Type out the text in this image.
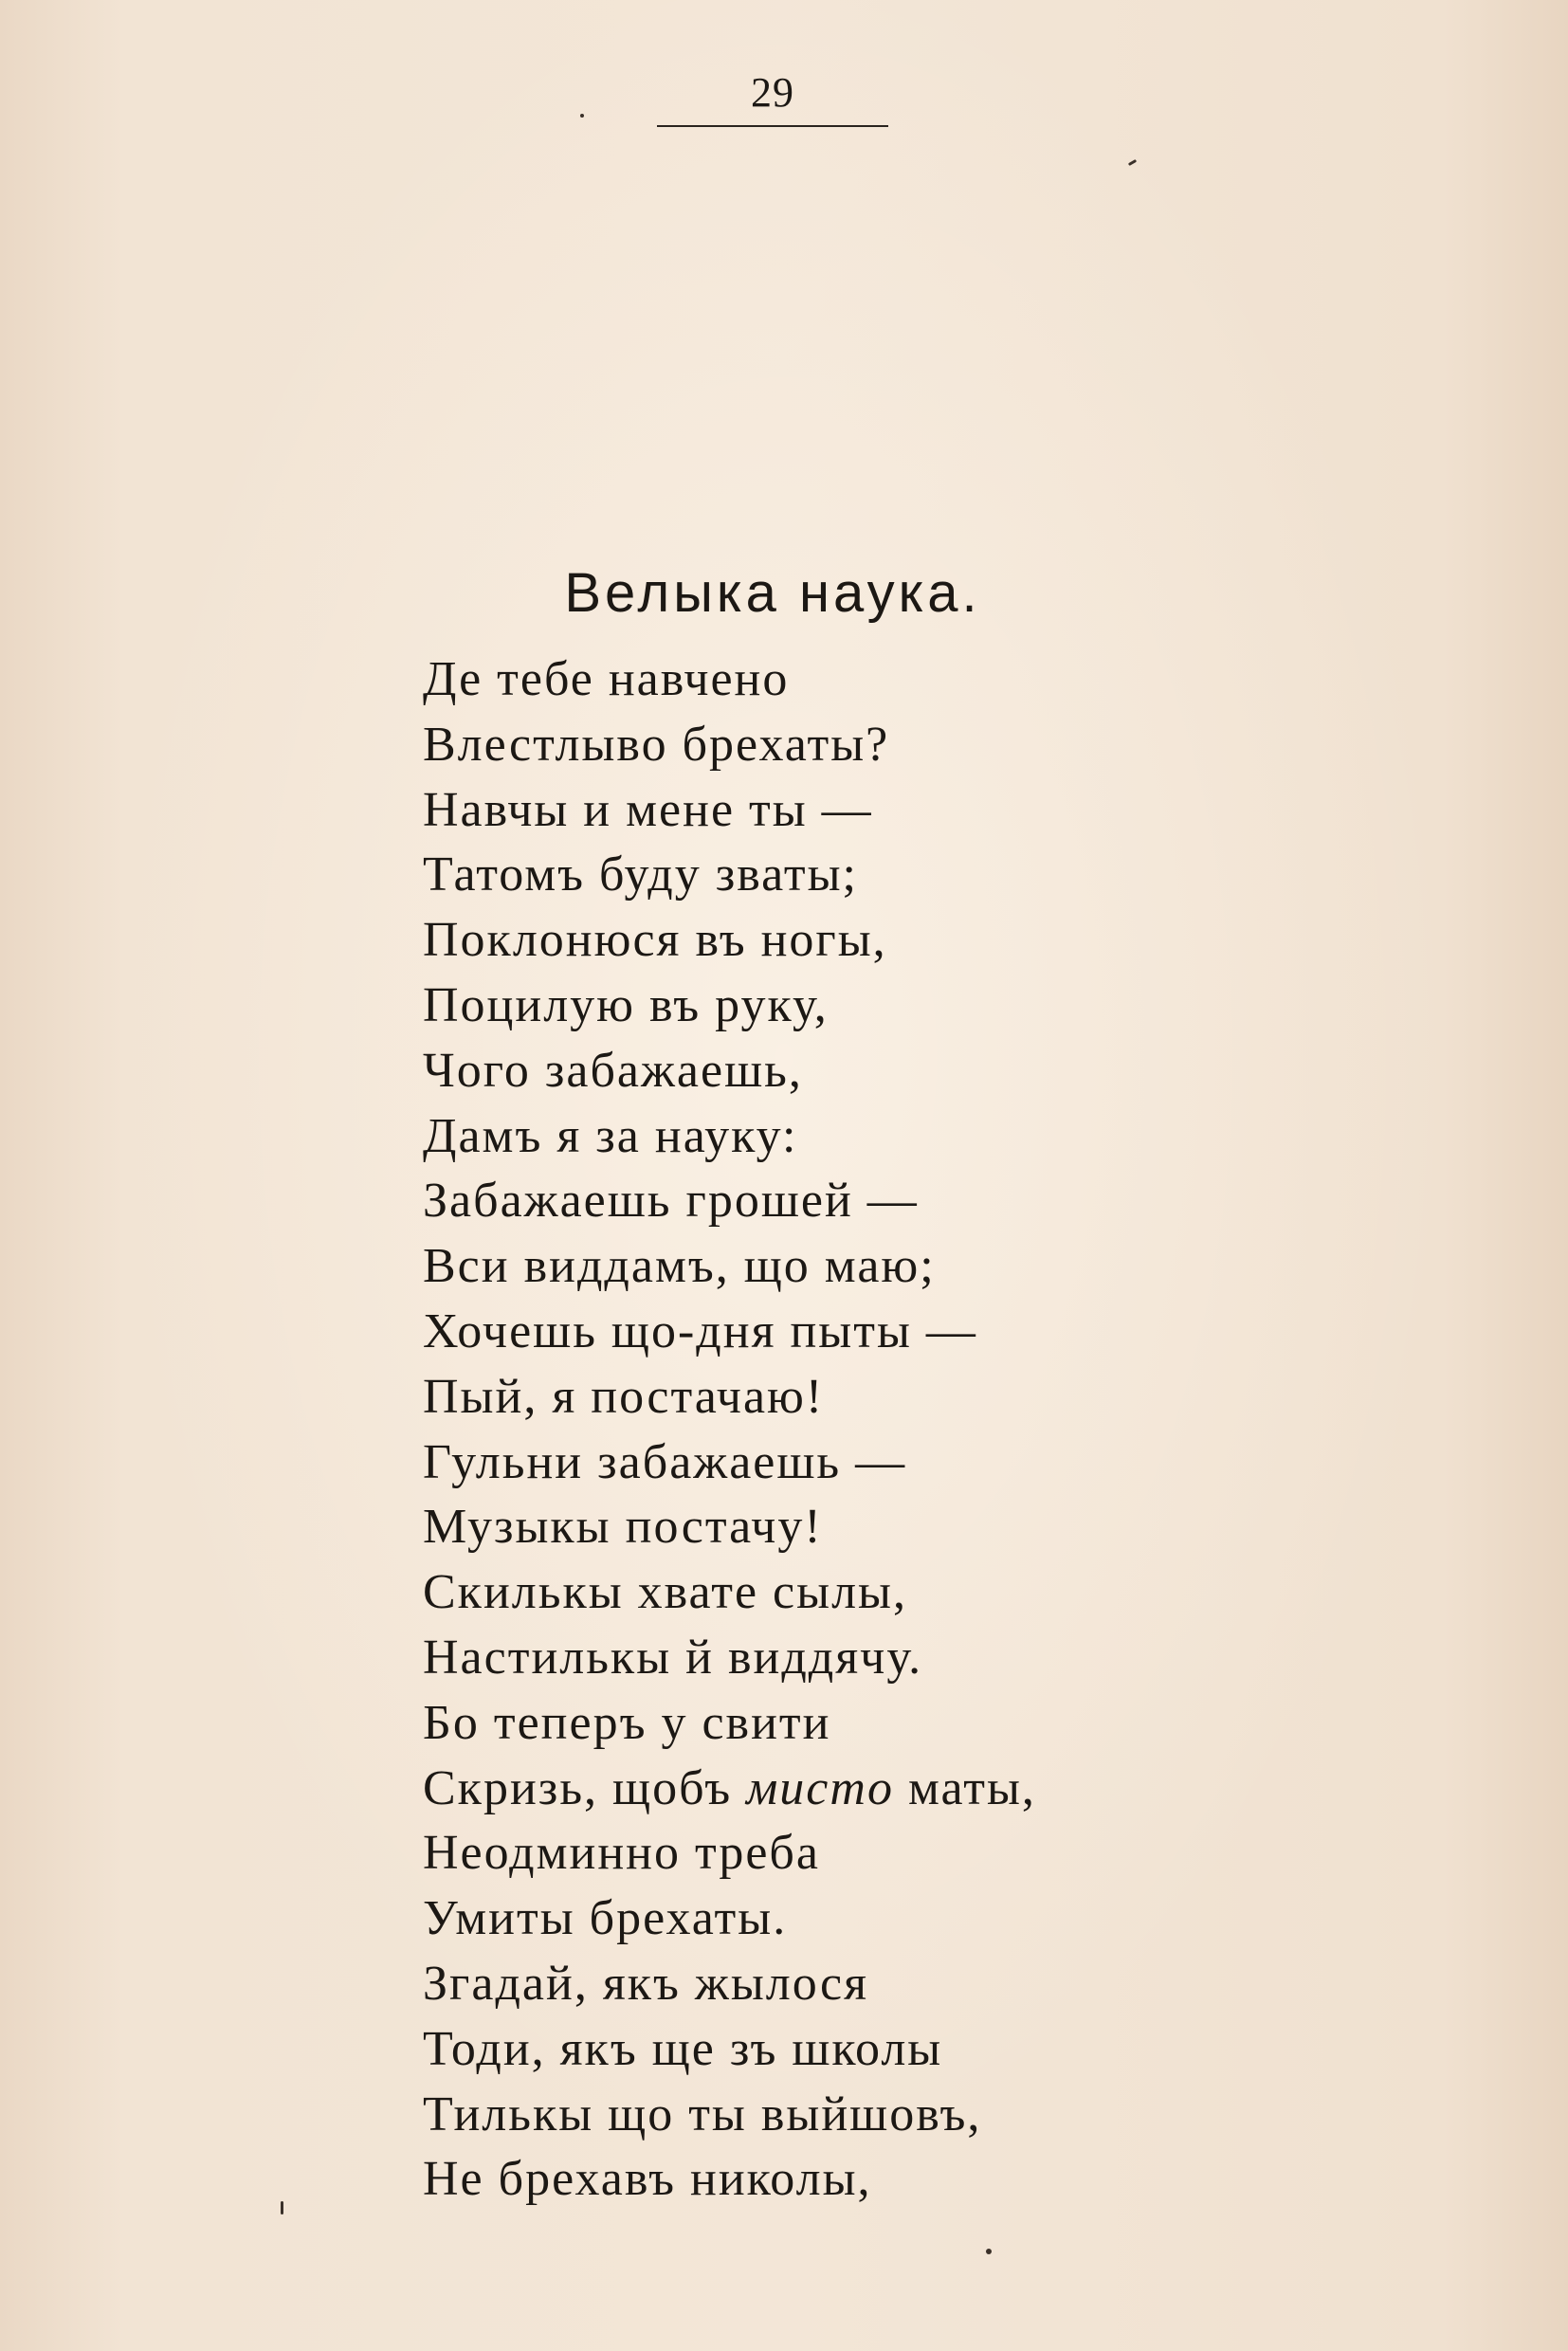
29
Велыка наука.
Де тебе навчено
Влестлыво брехаты?
Навчы и мене ты —
Татомъ буду зваты;
Поклонюся въ ногы,
Поцилую въ руку,
Чого забажаешь,
Дамъ я за науку:
Забажаешь грошей —
Вси виддамъ, що маю;
Хочешь що-дня пыты —
Пый, я постачаю!
Гульни забажаешь —
Музыкы постачу!
Скилькы хвате сылы,
Настилькы й виддячу.
Бо теперъ у свити
Скризь, щобъ мисто маты,
Неодминно треба
Умиты брехаты.
Згадай, якъ жылося
Тоди, якъ ще зъ школы
Тилькы що ты выйшовъ,
Не брехавъ николы,
